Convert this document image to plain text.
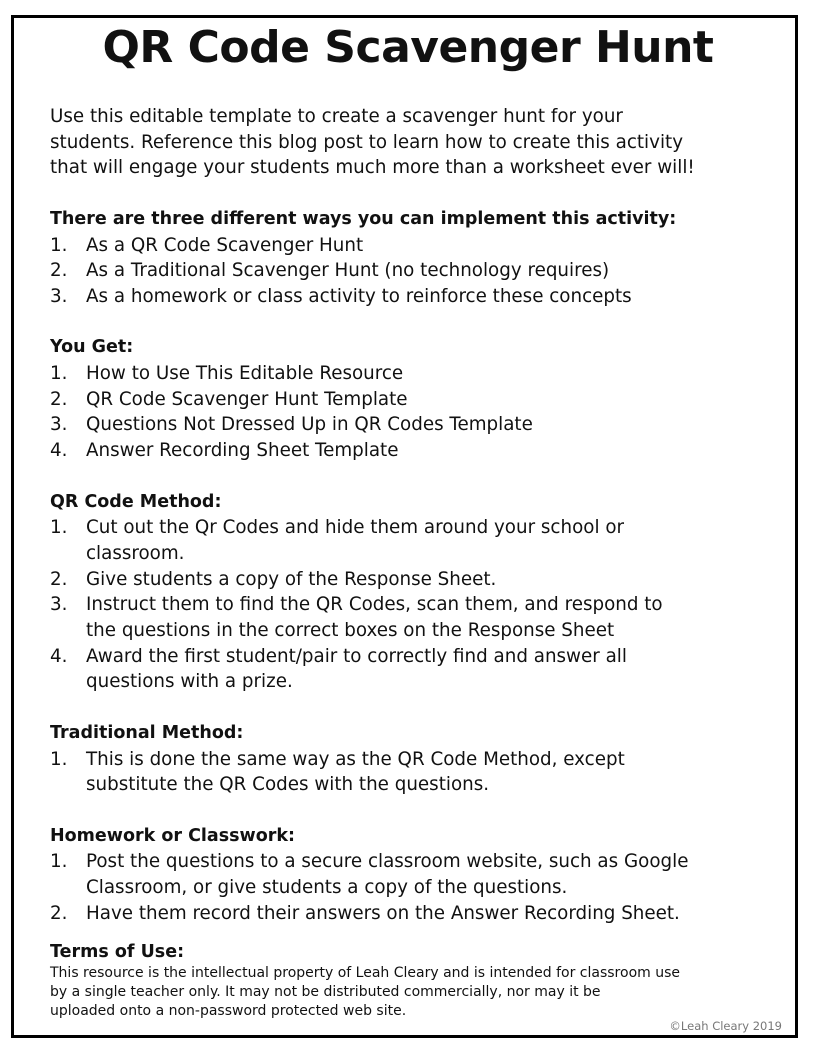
QR Code Scavenger Hunt
Use this editable template to create a scavenger hunt for your
students. Reference this blog post to learn how to create this activity
that will engage your students much more than a worksheet ever will!
There are three different ways you can implement this activity:
1. As a QR Code Scavenger Hunt
2. As a Traditional Scavenger Hunt (no technology requires)
3. As a homework or class activity to reinforce these concepts
You Get:
1. How to Use This Editable Resource
2. QR Code Scavenger Hunt Template
3. Questions Not Dressed Up in QR Codes Template
4. Answer Recording Sheet Template
QR Code Method:
1. Cut out the Qr Codes and hide them around your school or
classroom.
2. Give students a copy of the Response Sheet.
3. Instruct them to find the QR Codes, scan them, and respond to
the questions in the correct boxes on the Response Sheet
4. Award the first student/pair to correctly find and answer all
questions with a prize.
Traditional Method:
1. This is done the same way as the QR Code Method, except
substitute the QR Codes with the questions.
Homework or Classwork:
1. Post the questions to a secure classroom website, such as Google
Classroom, or give students a copy of the questions.
2. Have them record their answers on the Answer Recording Sheet.
Terms of Use:
This resource is the intellectual property of Leah Cleary and is intended for classroom use
by a single teacher only. It may not be distributed commercially, nor may it be
uploaded onto a non-password protected web site.
©Leah Cleary 2019
